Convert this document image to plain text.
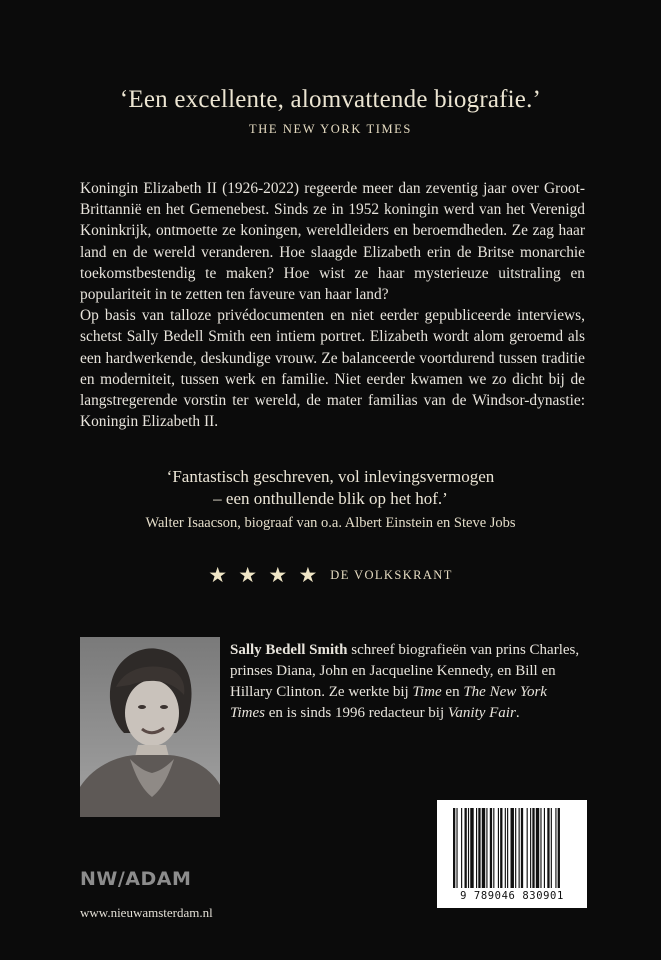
‘Een excellente, alomvattende biografie.’
THE NEW YORK TIMES

Koningin Elizabeth II (1926-2022) regeerde meer dan zeventig jaar over Groot-Brittannië en het Gemenebest. Sinds ze in 1952 koningin werd van het Verenigd Koninkrijk, ontmoette ze koningen, wereldleiders en beroemdheden. Ze zag haar land en de wereld veranderen. Hoe slaagde Elizabeth erin de Britse monarchie toekomstbestendig te maken? Hoe wist ze haar mysterieuze uitstraling en populariteit in te zetten ten faveure van haar land?

Op basis van talloze privédocumenten en niet eerder gepubliceerde interviews, schetst Sally Bedell Smith een intiem portret. Elizabeth wordt alom geroemd als een hardwerkende, deskundige vrouw. Ze balanceerde voortdurend tussen traditie en moderniteit, tussen werk en familie. Niet eerder kwamen we zo dicht bij de langstregerende vorstin ter wereld, de mater familias van de Windsor-dynastie: Koningin Elizabeth II.

‘Fantastisch geschreven, vol inlevingsvermogen
– een onthullende blik op het hof.’
Walter Isaacson, biograaf van o.a. Albert Einstein en Steve Jobs
★ ★ ★ ★ DE VOLKSKRANT
Sally Bedell Smith schreef biografieën van prins Charles, prinses Diana, John en Jacqueline Kennedy, en Bill en Hillary Clinton. Ze werkte bij Time en The New York Times en is sinds 1996 redacteur bij Vanity Fair.
NW/ADAM
www.nieuwamsterdam.nl
9 789046 830901
